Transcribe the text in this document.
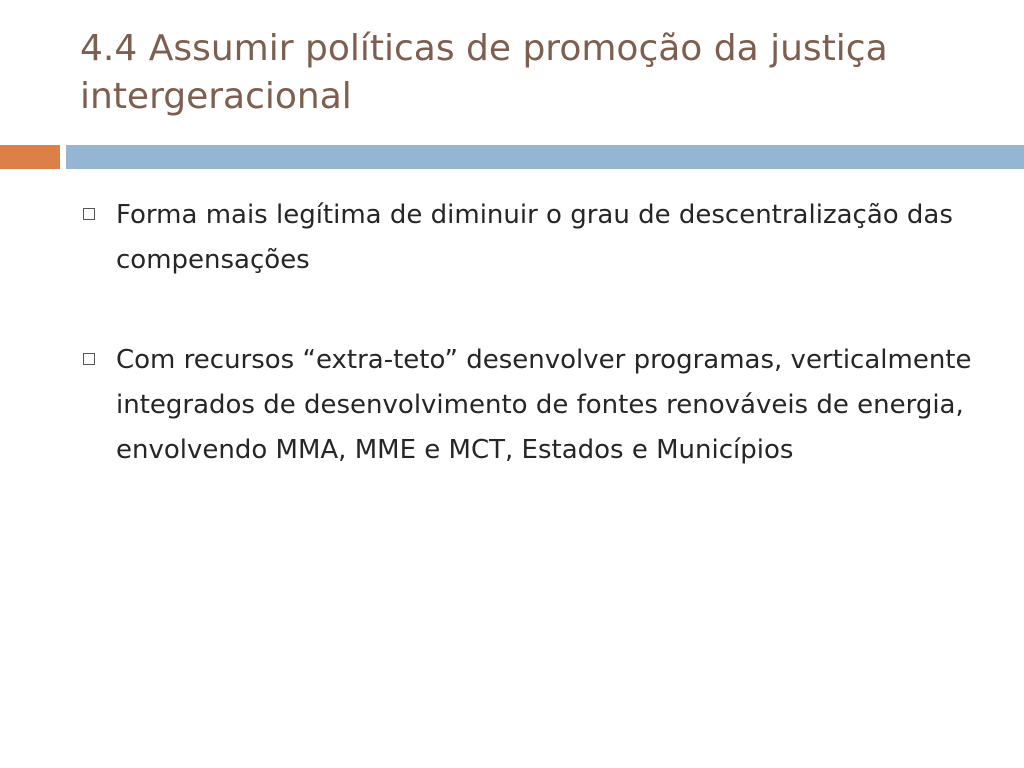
4.4 Assumir políticas de promoção da justiça intergeracional
Forma mais legítima de diminuir o grau de descentralização das compensações
Com recursos “extra-teto” desenvolver programas, verticalmente integrados de desenvolvimento de fontes renováveis de energia, envolvendo MMA, MME e MCT, Estados e Municípios
